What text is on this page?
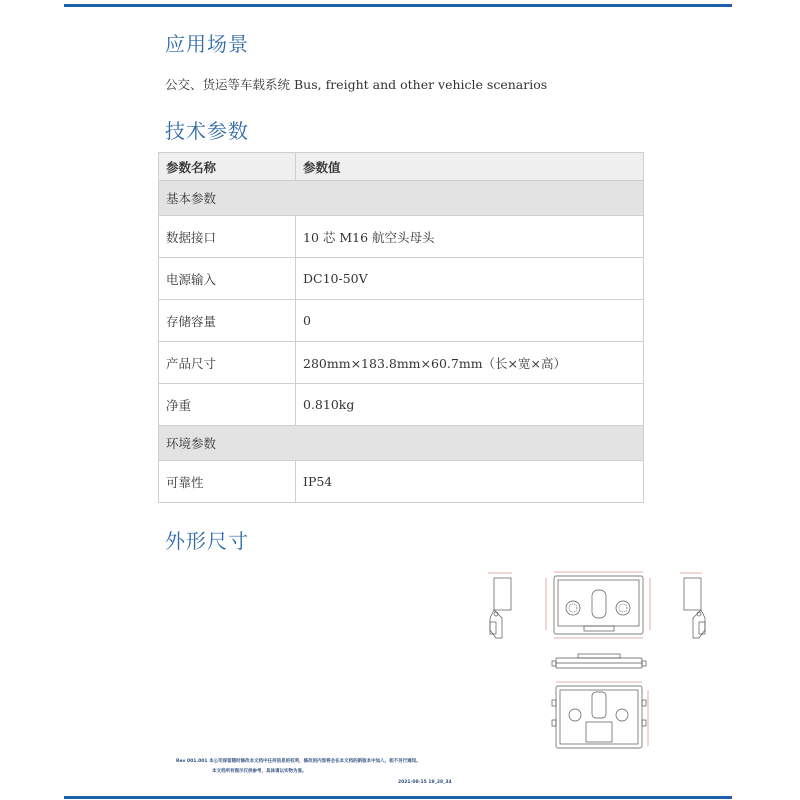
应用场景

公交、货运等车载系统 Bus, freight and other vehicle scenarios

技术参数
参数名称	参数值
基本参数	
数据接口	10 芯 M16 航空头母头
电源输入	DC10-50V
存储容量	0
产品尺寸	280mm×183.8mm×60.7mm（长×宽×高）
净重	0.810kg
环境参数	
可靠性	IP54
外形尺寸

Rev 001.001 本公司保留随时修改本文档中任何信息的权利，修改的内容将会在本文档的新版本中加入，恕不另行通知。

本文档所有图示仅供参考，具体请以实物为准。

2021-08-15 19_28_34
